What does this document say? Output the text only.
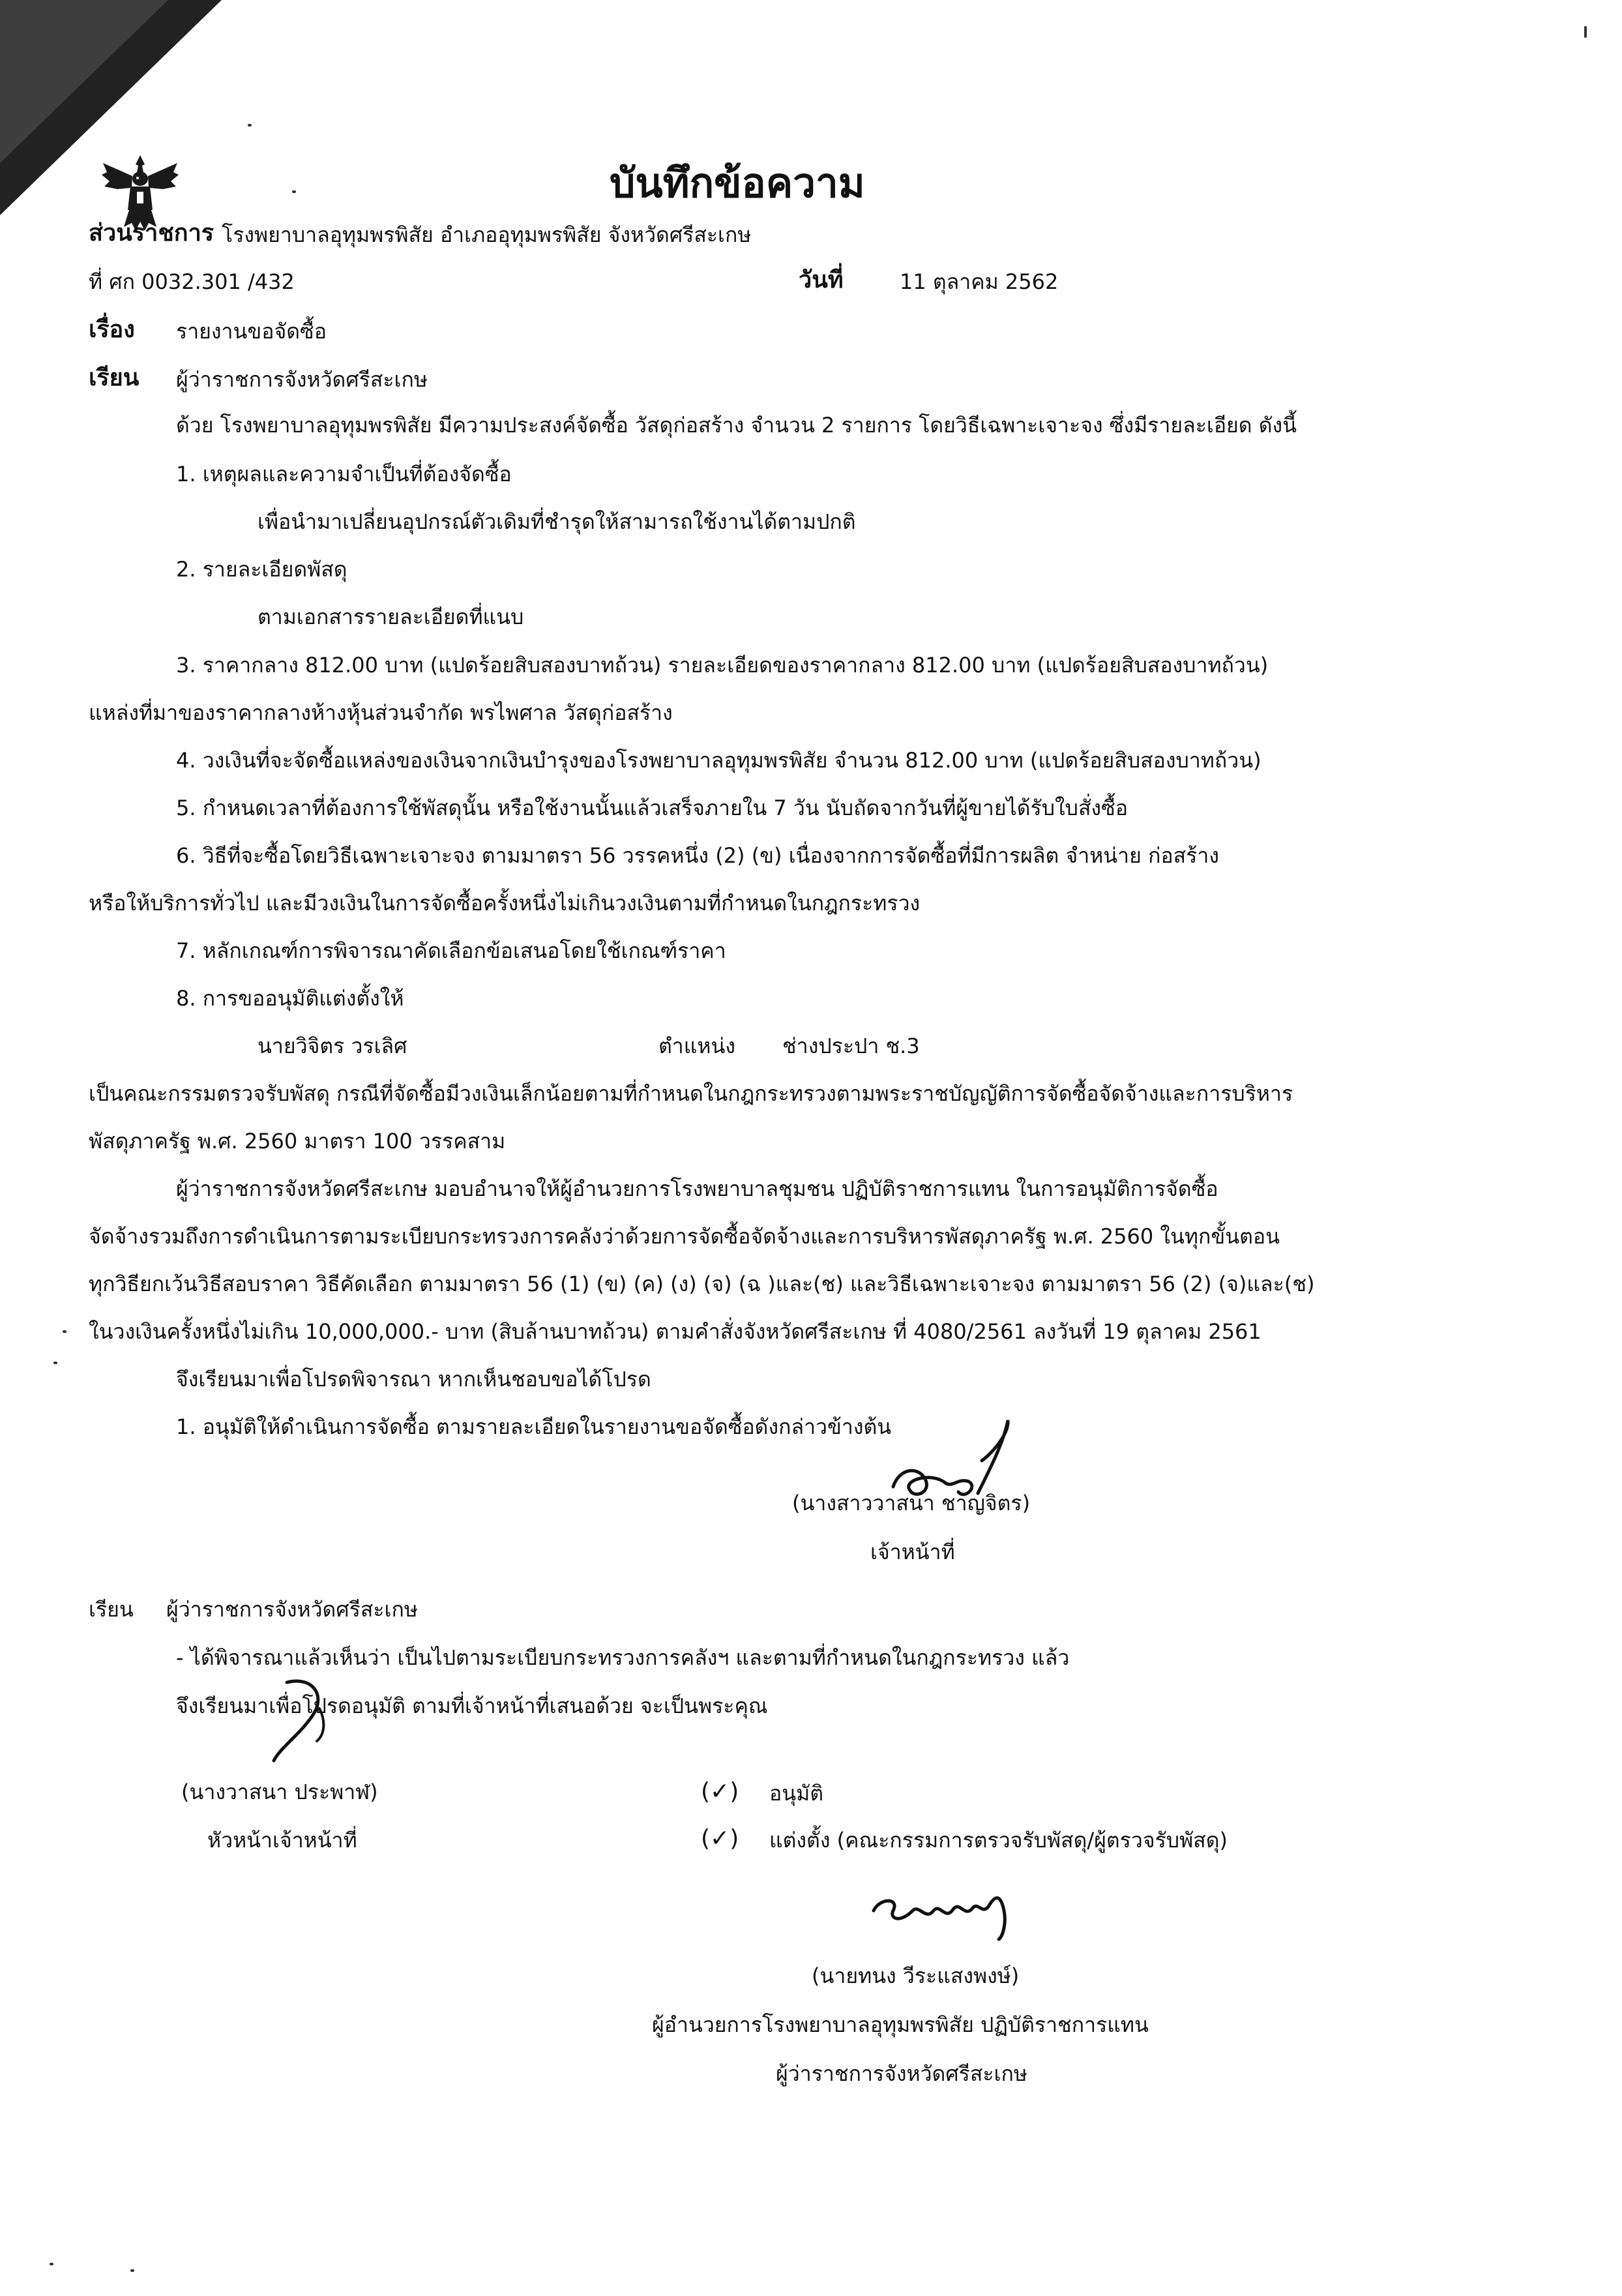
บันทึกข้อความ
ส่วนราชการ โรงพยาบาลอุทุมพรพิสัย อำเภออุทุมพรพิสัย จังหวัดศรีสะเกษ
ที่ ศก 0032.301 /432	วันที่	11 ตุลาคม 2562
เรื่อง รายงานขอจัดซื้อ
เรียน ผู้ว่าราชการจังหวัดศรีสะเกษ
ด้วย โรงพยาบาลอุทุมพรพิสัย มีความประสงค์จัดซื้อ วัสดุก่อสร้าง จำนวน 2 รายการ โดยวิธีเฉพาะเจาะจง ซึ่งมีรายละเอียด ดังนี้
1. เหตุผลและความจำเป็นที่ต้องจัดซื้อ
เพื่อนำมาเปลี่ยนอุปกรณ์ตัวเดิมที่ชำรุดให้สามารถใช้งานได้ตามปกติ
2. รายละเอียดพัสดุ
ตามเอกสารรายละเอียดที่แนบ
3. ราคากลาง 812.00 บาท (แปดร้อยสิบสองบาทถ้วน) รายละเอียดของราคากลาง 812.00 บาท (แปดร้อยสิบสองบาทถ้วน)
แหล่งที่มาของราคากลางห้างหุ้นส่วนจำกัด พรไพศาล วัสดุก่อสร้าง
4. วงเงินที่จะจัดซื้อแหล่งของเงินจากเงินบำรุงของโรงพยาบาลอุทุมพรพิสัย จำนวน 812.00 บาท (แปดร้อยสิบสองบาทถ้วน)
5. กำหนดเวลาที่ต้องการใช้พัสดุนั้น หรือใช้งานนั้นแล้วเสร็จภายใน 7 วัน นับถัดจากวันที่ผู้ขายได้รับใบสั่งซื้อ
6. วิธีที่จะซื้อโดยวิธีเฉพาะเจาะจง ตามมาตรา 56 วรรคหนึ่ง (2) (ข) เนื่องจากการจัดซื้อที่มีการผลิต จำหน่าย ก่อสร้าง
หรือให้บริการทั่วไป และมีวงเงินในการจัดซื้อครั้งหนึ่งไม่เกินวงเงินตามที่กำหนดในกฎกระทรวง
7. หลักเกณฑ์การพิจารณาคัดเลือกข้อเสนอโดยใช้เกณฑ์ราคา
8. การขออนุมัติแต่งตั้งให้
นายวิจิตร วรเลิศ	ตำแหน่ง ช่างประปา ช.3
เป็นคณะกรรมตรวจรับพัสดุ กรณีที่จัดซื้อมีวงเงินเล็กน้อยตามที่กำหนดในกฎกระทรวงตามพระราชบัญญัติการจัดซื้อจัดจ้างและการบริหาร
พัสดุภาครัฐ พ.ศ. 2560 มาตรา 100 วรรคสาม
ผู้ว่าราชการจังหวัดศรีสะเกษ มอบอำนาจให้ผู้อำนวยการโรงพยาบาลชุมชน ปฏิบัติราชการแทน ในการอนุมัติการจัดซื้อ
จัดจ้างรวมถึงการดำเนินการตามระเบียบกระทรวงการคลังว่าด้วยการจัดซื้อจัดจ้างและการบริหารพัสดุภาครัฐ พ.ศ. 2560 ในทุกขั้นตอน
ทุกวิธียกเว้นวิธีสอบราคา วิธีคัดเลือก ตามมาตรา 56 (1) (ข) (ค) (ง) (จ) (ฉ )และ(ช) และวิธีเฉพาะเจาะจง ตามมาตรา 56 (2) (จ)และ(ช)
ในวงเงินครั้งหนึ่งไม่เกิน 10,000,000.- บาท (สิบล้านบาทถ้วน) ตามคำสั่งจังหวัดศรีสะเกษ ที่ 4080/2561 ลงวันที่ 19 ตุลาคม 2561
จึงเรียนมาเพื่อโปรดพิจารณา หากเห็นชอบขอได้โปรด
1. อนุมัติให้ดำเนินการจัดซื้อ ตามรายละเอียดในรายงานขอจัดซื้อดังกล่าวข้างต้น
(นางสาววาสนา ชาญจิตร)
เจ้าหน้าที่
เรียน ผู้ว่าราชการจังหวัดศรีสะเกษ
- ได้พิจารณาแล้วเห็นว่า เป็นไปตามระเบียบกระทรวงการคลังฯ และตามที่กำหนดในกฎกระทรวง แล้ว
จึงเรียนมาเพื่อโปรดอนุมัติ ตามที่เจ้าหน้าที่เสนอด้วย จะเป็นพระคุณ
(นางวาสนา ประพาฬ)
หัวหน้าเจ้าหน้าที่
(✓) อนุมัติ
(✓) แต่งตั้ง (คณะกรรมการตรวจรับพัสดุ/ผู้ตรวจรับพัสดุ)
(นายทนง วีระแสงพงษ์)
ผู้อำนวยการโรงพยาบาลอุทุมพรพิสัย ปฏิบัติราชการแทน
ผู้ว่าราชการจังหวัดศรีสะเกษ
